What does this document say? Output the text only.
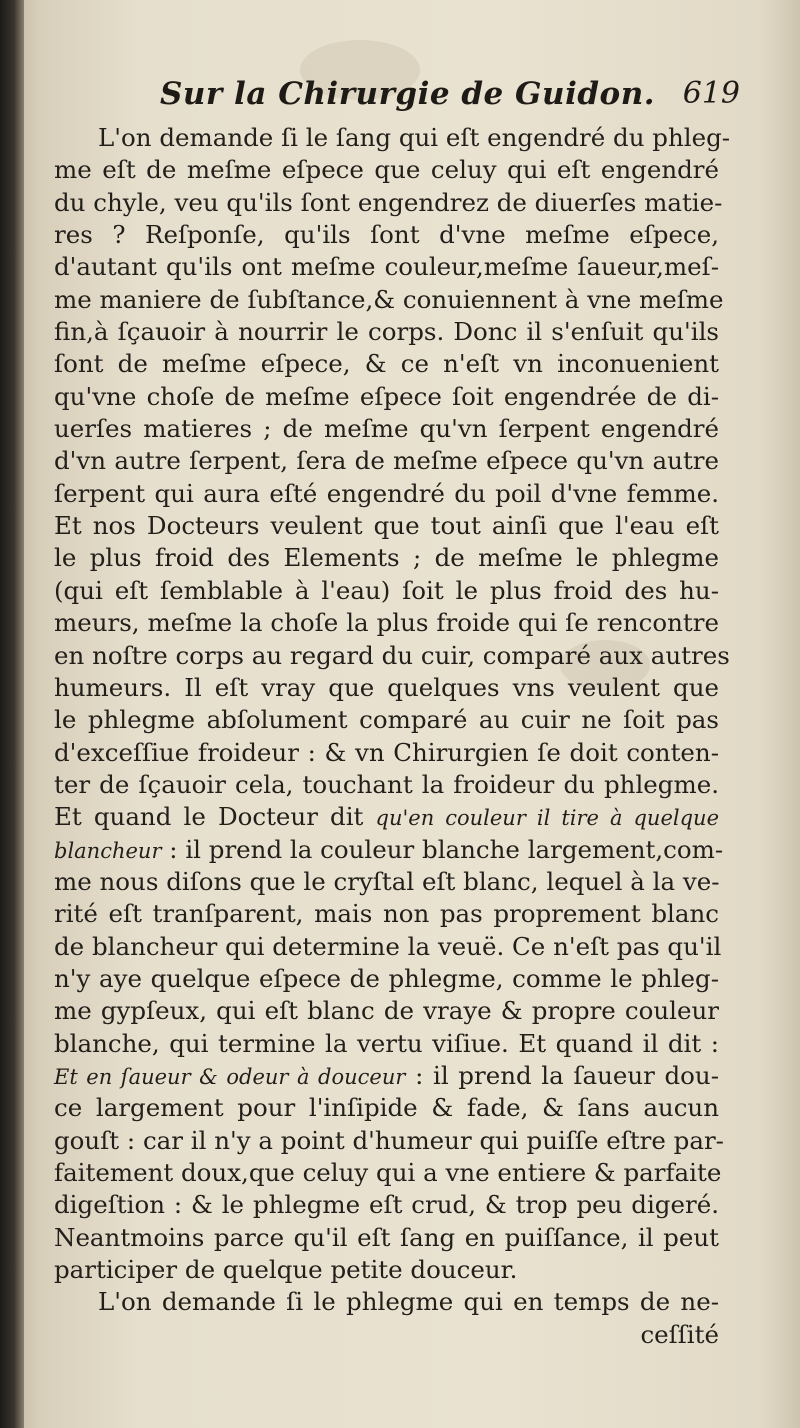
Sur la Chirurgie de Guidon. 619
L'on demande ſi le ſang qui eſt engendré du phleg-
me eſt de meſme eſpece que celuy qui eſt engendré
du chyle, veu qu'ils ſont engendrez de diuerſes matie-
res ? Reſponſe, qu'ils ſont d'vne meſme eſpece,
d'autant qu'ils ont meſme couleur,meſme ſaueur,meſ-
me maniere de ſubſtance,& conuiennent à vne meſme
fin,à ſçauoir à nourrir le corps. Donc il s'enſuit qu'ils
ſont de meſme eſpece, & ce n'eſt vn inconuenient
qu'vne choſe de meſme eſpece ſoit engendrée de di-
uerſes matieres ; de meſme qu'vn ſerpent engendré
d'vn autre ſerpent, ſera de meſme eſpece qu'vn autre
ſerpent qui aura eſté engendré du poil d'vne femme.
Et nos Docteurs veulent que tout ainſi que l'eau eſt
le plus froid des Elements ; de meſme le phlegme
(qui eſt ſemblable à l'eau) ſoit le plus froid des hu-
meurs, meſme la choſe la plus froide qui ſe rencontre
en noſtre corps au regard du cuir, comparé aux autres
humeurs. Il eſt vray que quelques vns veulent que
le phlegme abſolument comparé au cuir ne ſoit pas
d'exceſſiue froideur : & vn Chirurgien ſe doit conten-
ter de ſçauoir cela, touchant la froideur du phlegme.
Et quand le Docteur dit qu'en couleur il tire à quelque
blancheur : il prend la couleur blanche largement,com-
me nous diſons que le cryſtal eſt blanc, lequel à la ve-
rité eſt tranſparent, mais non pas proprement blanc
de blancheur qui determine la veuë. Ce n'eſt pas qu'il
n'y aye quelque eſpece de phlegme, comme le phleg-
me gypſeux, qui eſt blanc de vraye & propre couleur
blanche, qui termine la vertu viſiue. Et quand il dit :
Et en ſaueur & odeur à douceur : il prend la ſaueur dou-
ce largement pour l'inſipide & fade, & ſans aucun
gouſt : car il n'y a point d'humeur qui puiſſe eſtre par-
faitement doux,que celuy qui a vne entiere & parfaite
digeſtion : & le phlegme eſt crud, & trop peu digeré.
Neantmoins parce qu'il eſt ſang en puiſſance, il peut
participer de quelque petite douceur.
L'on demande ſi le phlegme qui en temps de ne-
ceſſité
